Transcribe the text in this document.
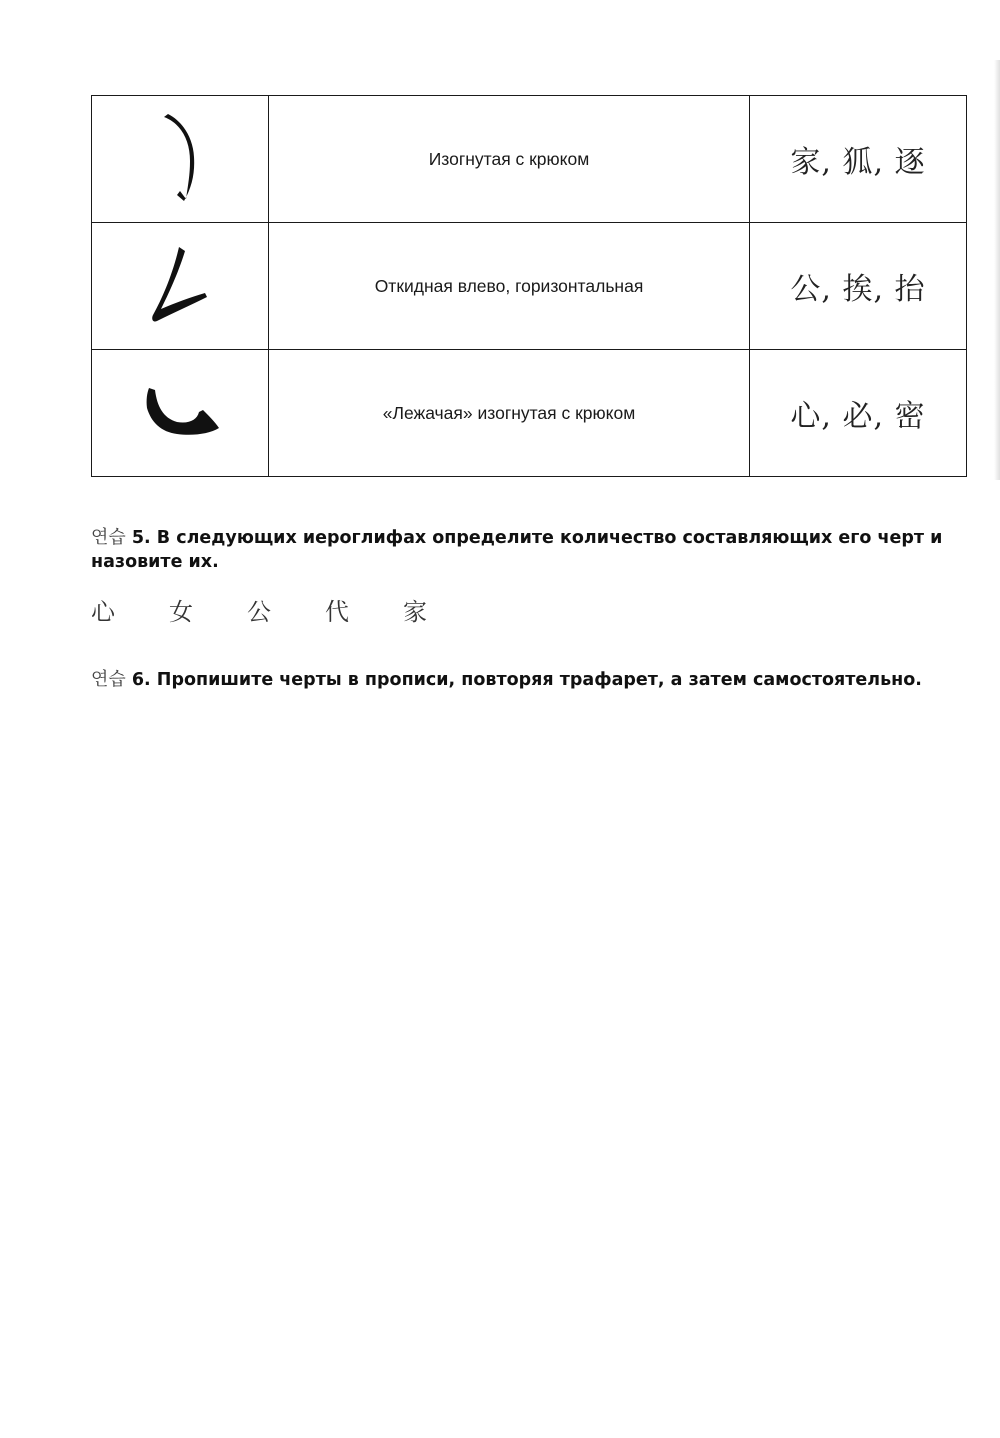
	Изогнутая с крюком	家, 狐, 逐

	Откидная влево, горизонтальная	公, 挨, 抬

	«Лежачая» изогнутая с крюком	心, 必, 密
연습 5. В следующих иероглифах определите количество составляющих его черт и назовите их.
心	女	公	代	家
연습 6. Пропишите черты в прописи, повторяя трафарет, а затем самостоятельно.
